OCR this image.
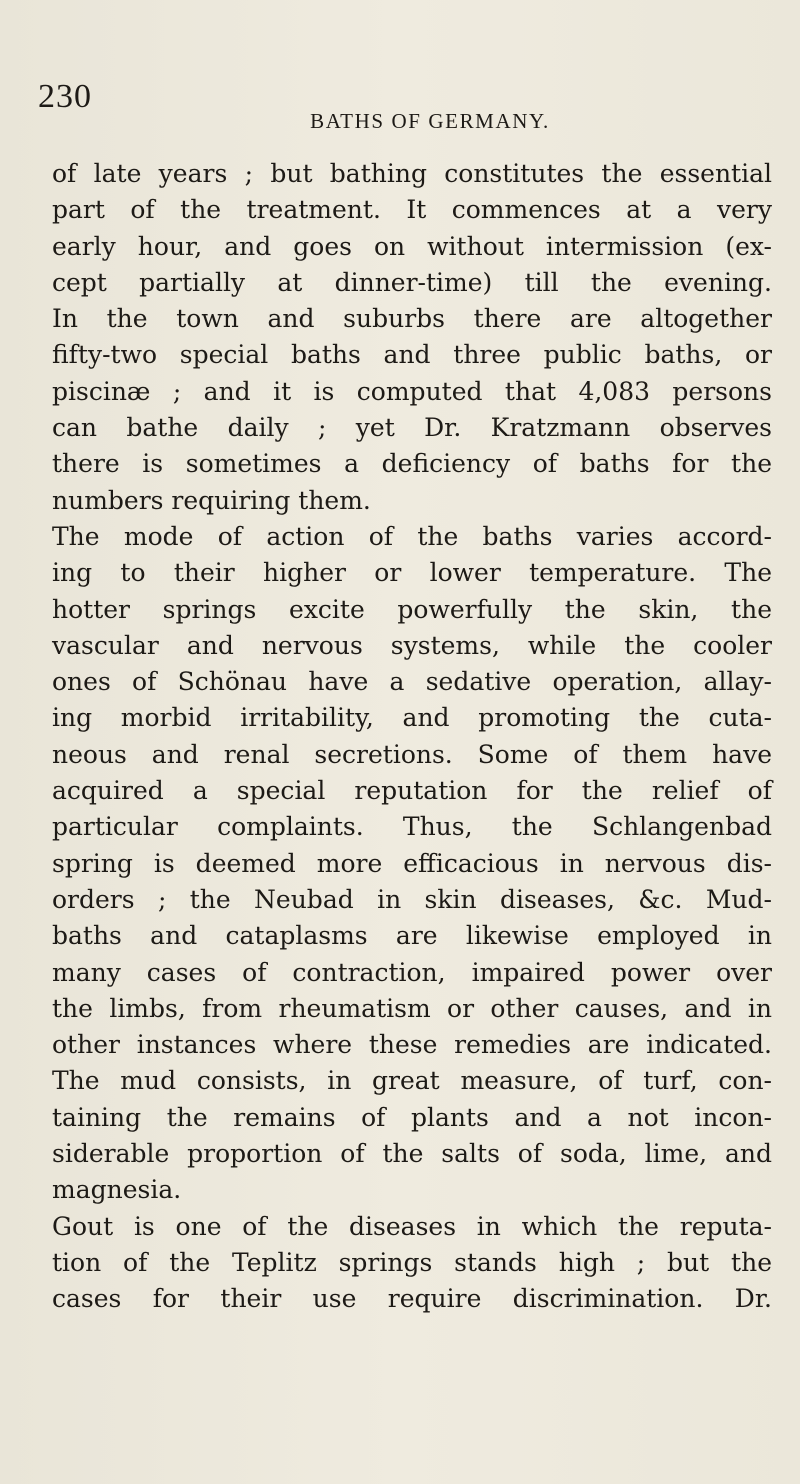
230
BATHS OF GERMANY.
of late years ; but bathing constitutes the essential
part of the treatment. It commences at a very
early hour, and goes on without intermission (ex-
cept partially at dinner-time) till the evening.
In the town and suburbs there are altogether
fifty-two special baths and three public baths, or
piscinæ ; and it is computed that 4,083 persons
can bathe daily ; yet Dr. Kratzmann observes
there is sometimes a deficiency of baths for the
numbers requiring them.
The mode of action of the baths varies accord-
ing to their higher or lower temperature. The
hotter springs excite powerfully the skin, the
vascular and nervous systems, while the cooler
ones of Schönau have a sedative operation, allay-
ing morbid irritability, and promoting the cuta-
neous and renal secretions. Some of them have
acquired a special reputation for the relief of
particular complaints. Thus, the Schlangenbad
spring is deemed more efficacious in nervous dis-
orders ; the Neubad in skin diseases, &c. Mud-
baths and cataplasms are likewise employed in
many cases of contraction, impaired power over
the limbs, from rheumatism or other causes, and in
other instances where these remedies are indicated.
The mud consists, in great measure, of turf, con-
taining the remains of plants and a not incon-
siderable proportion of the salts of soda, lime, and
magnesia.
Gout is one of the diseases in which the reputa-
tion of the Teplitz springs stands high ; but the
cases for their use require discrimination. Dr.
